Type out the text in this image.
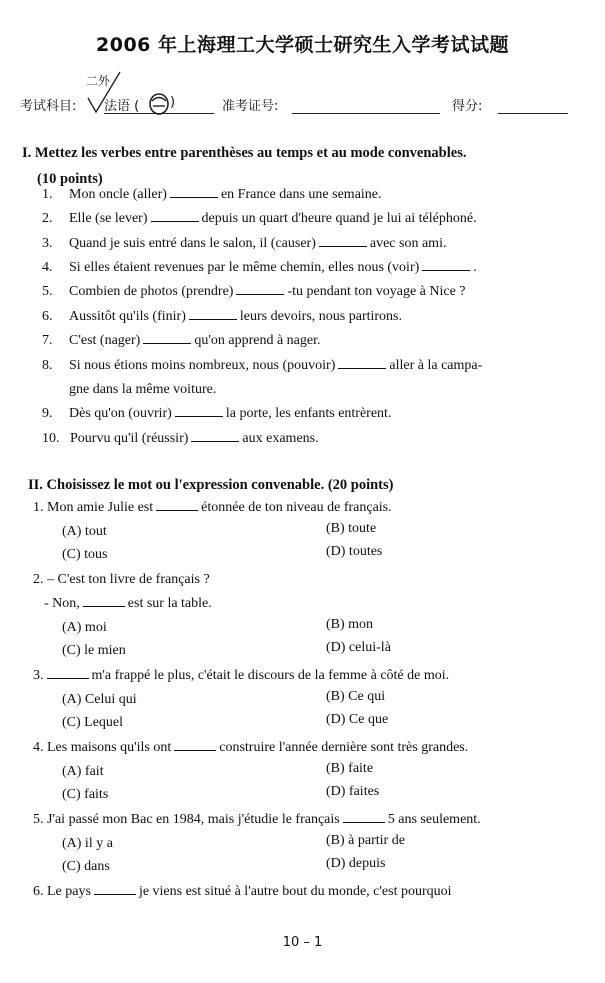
2006 年上海理工大学硕士研究生入学考试试题
考试科目:
二外
法语 ( )	准考证号:	得分:
I. Mettez les verbes entre parenthèses au temps et au mode convenables.
(10 points)
1. Mon oncle (aller)	en France dans une semaine.
2. Elle (se lever)	depuis un quart d'heure quand je lui ai téléphoné.
3. Quand je suis entré dans le salon, il (causer)	avec son ami.
4. Si elles étaient revenues par le même chemin, elles nous (voir)	.
5. Combien de photos (prendre)	-tu pendant ton voyage à Nice ?
6. Aussitôt qu'ils (finir)	leurs devoirs, nous partirons.
7. C'est (nager)	qu'on apprend à nager.
8. Si nous étions moins nombreux, nous (pouvoir)	aller à la campa-
gne dans la même voiture.
9. Dès qu'on (ouvrir)	la porte, les enfants entrèrent.
10. Pourvu qu'il (réussir)	aux examens.
II. Choisissez le mot ou l'expression convenable. (20 points)
1. Mon amie Julie est	étonnée de ton niveau de français.
(A) tout	(B) toute
(C) tous	(D) toutes
2. – C'est ton livre de français ?
- Non,	est sur la table.
(A) moi	(B) mon
(C) le mien	(D) celui-là
3.	m'a frappé le plus, c'était le discours de la femme à côté de moi.
(A) Celui qui	(B) Ce qui
(C) Lequel	(D) Ce que
4. Les maisons qu'ils ont	construire l'année dernière sont très grandes.
(A) fait	(B) faite
(C) faits	(D) faites
5. J'ai passé mon Bac en 1984, mais j'étudie le français	5 ans seulement.
(A) il y a	(B) à partir de
(C) dans	(D) depuis
6. Le pays	je viens est situé à l'autre bout du monde, c'est pourquoi
10 – 1
